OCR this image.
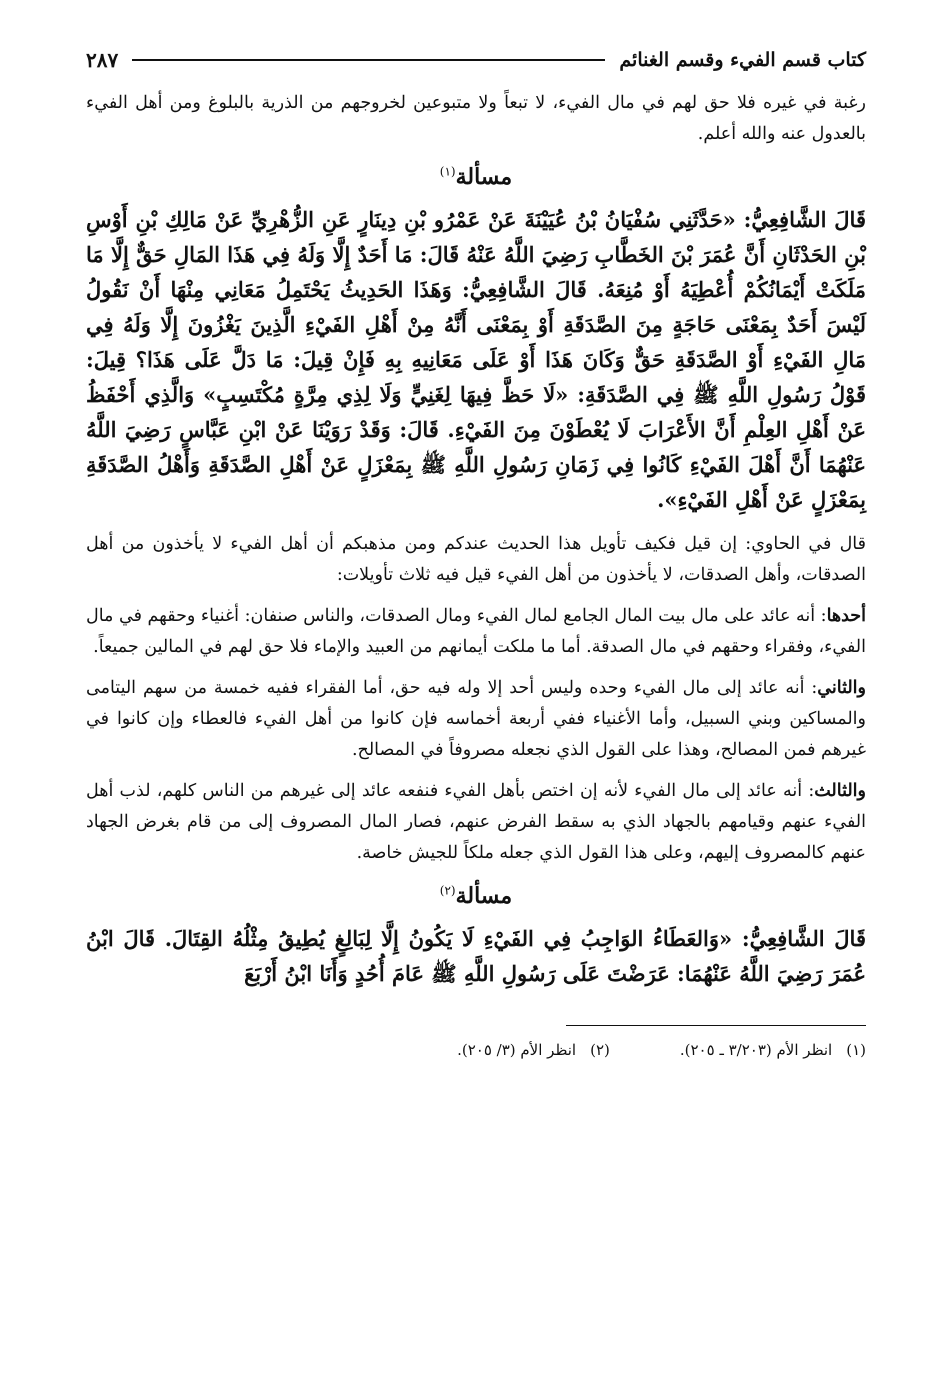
كتاب قسم الفيء وقسم الغنائم
٢٨٧

رغبة في غيره فلا حق لهم في مال الفيء، لا تبعاً ولا متبوعين لخروجهم من الذرية بالبلوغ ومن أهل الفيء بالعدول عنه والله أعلم.

مسألة$^{(١)}$

قَالَ الشَّافِعِيُّ: «حَدَّثَنِي سُفْيَانُ بْنُ عُيَيْنَةَ عَنْ عَمْرُو بْنِ دِينَارٍ عَنِ الزُّهْرِيِّ عَنْ مَالِكِ بْنِ أَوْسِ بْنِ الحَدْثَانِ أَنَّ عُمَرَ بْنَ الخَطَّابِ رَضِيَ اللَّهُ عَنْهُ قَالَ: مَا أَحَدٌ إِلَّا وَلَهُ فِي هَذَا المَالِ حَقٌّ إِلَّا مَا مَلَكَتْ أَيْمَانُكُمْ أُعْطِيَهُ أَوْ مُنِعَهُ. قَالَ الشَّافِعِيُّ: وَهَذَا الحَدِيثُ يَحْتَمِلُ مَعَانِي مِنْهَا أَنْ نَقُولُ لَيْسَ أَحَدٌ بِمَعْنَى حَاجَةٍ مِنَ الصَّدَقَةِ أَوْ بِمَعْنَى أَنَّهُ مِنْ أَهْلِ الفَيْءِ الَّذِينَ يَغْزُونَ إِلَّا وَلَهُ فِي مَالِ الفَيْءِ أَوْ الصَّدَقَةِ حَقٌّ وَكَانَ هَذَا أَوْ عَلَى مَعَانِيهِ بِهِ فَإِنْ قِيلَ: مَا دَلَّ عَلَى هَذَا؟ قِيلَ: قَوْلُ رَسُولِ اللَّهِ ﷺ فِي الصَّدَقَةِ: «لَا حَظَّ فِيهَا لِغَنِيٍّ وَلَا لِذِي مِرَّةٍ مُكْتَسِبٍ» وَالَّذِي أَحْفَظُ عَنْ أَهْلِ العِلْمِ أَنَّ الأَعْرَابَ لَا يُعْطَوْنَ مِنَ الفَيْءِ. قَالَ: وَقَدْ رَوَيْنَا عَنْ ابْنِ عَبَّاسٍ رَضِيَ اللَّهُ عَنْهُمَا أَنَّ أَهْلَ الفَيْءِ كَانُوا فِي زَمَانِ رَسُولِ اللَّهِ ﷺ بِمَعْزَلٍ عَنْ أَهْلِ الصَّدَقَةِ وَأَهْلُ الصَّدَقَةِ بِمَعْزَلٍ عَنْ أَهْلِ الفَيْءِ».

قال في الحاوي: إن قيل فكيف تأويل هذا الحديث عندكم ومن مذهبكم أن أهل الفيء لا يأخذون من أهل الصدقات، وأهل الصدقات، لا يأخذون من أهل الفيء قيل فيه ثلاث تأويلات:

أحدها: أنه عائد على مال بيت المال الجامع لمال الفيء ومال الصدقات، والناس صنفان: أغنياء وحقهم في مال الفيء، وفقراء وحقهم في مال الصدقة. أما ما ملكت أيمانهم من العبيد والإماء فلا حق لهم في المالين جميعاً.

والثاني: أنه عائد إلى مال الفيء وحده وليس أحد إلا وله فيه حق، أما الفقراء ففيه خمسة من سهم اليتامى والمساكين وبني السبيل، وأما الأغنياء ففي أربعة أخماسه فإن كانوا من أهل الفيء فالعطاء وإن كانوا في غيرهم فمن المصالح، وهذا على القول الذي نجعله مصروفاً في المصالح.

والثالث: أنه عائد إلى مال الفيء لأنه إن اختص بأهل الفيء فنفعه عائد إلى غيرهم من الناس كلهم، لذب أهل الفيء عنهم وقيامهم بالجهاد الذي به سقط الفرض عنهم، فصار المال المصروف إلى من قام بغرض الجهاد عنهم كالمصروف إليهم، وعلى هذا القول الذي جعله ملكاً للجيش خاصة.

مسألة$^{(٢)}$

قَالَ الشَّافِعِيُّ: «وَالعَطَاءُ الوَاجِبُ فِي الفَيْءِ لَا يَكُونُ إِلَّا لِبَالِغٍ يُطِيقُ مِثْلُهُ القِتَالَ. قَالَ ابْنُ عُمَرَ رَضِيَ اللَّهُ عَنْهُمَا: عَرَضْتَ عَلَى رَسُولِ اللَّهِ ﷺ عَامَ أُحُدٍ وَأَنَا ابْنُ أَرْبَعَ

(١)انظر الأم (٣/٢٠٣ ـ ٢٠٥).
(٢)انظر الأم (٣/ ٢٠٥).
